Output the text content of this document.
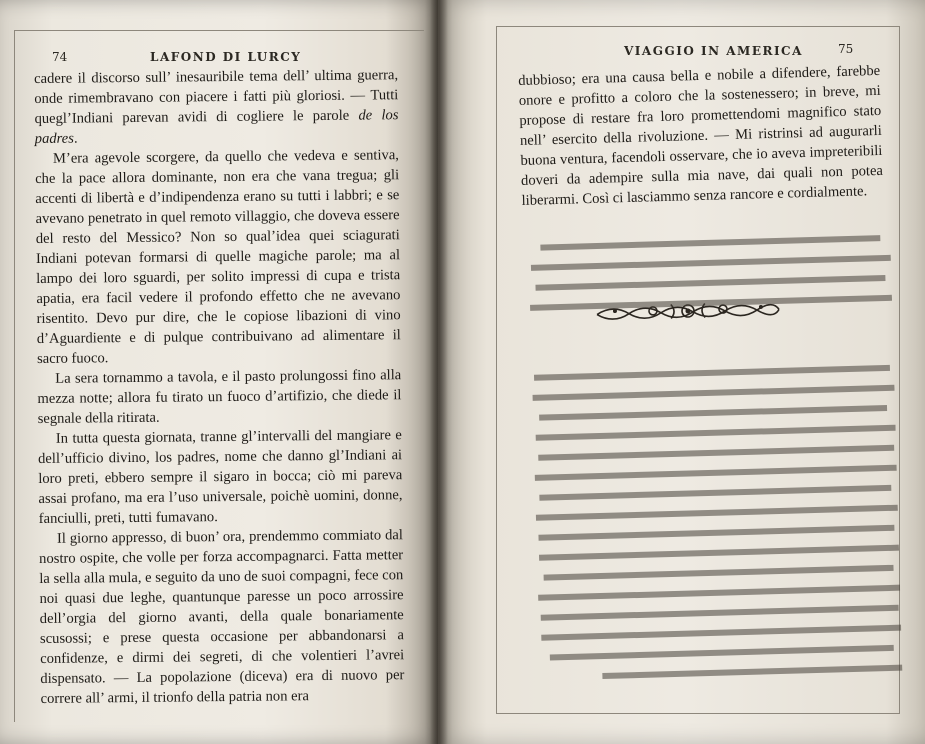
74	LAFOND DI LURCY

cadere il discorso sull’ inesauribile tema dell’ ultima guerra, onde rimembravano con piacere i fatti più gloriosi. — Tutti quegl’Indiani parevan avidi di cogliere le parole de los padres.

M’era agevole scorgere, da quello che vedeva e sentiva, che la pace allora dominante, non era che vana tregua; gli accenti di libertà e d’indipendenza erano su tutti i labbri; e se avevano penetrato in quel remoto villaggio, che doveva essere del resto del Messico? Non so qual’idea quei sciagurati Indiani potevan formarsi di quelle magiche parole; ma al lampo dei loro sguardi, per solito impressi di cupa e trista apatia, era facil vedere il profondo effetto che ne avevano risentito. Devo pur dire, che le copiose libazioni di vino d’Aguardiente e di pulque contribuivano ad alimentare il sacro fuoco.

La sera tornammo a tavola, e il pasto prolungossi fino alla mezza notte; allora fu tirato un fuoco d’artifizio, che diede il segnale della ritirata.

In tutta questa giornata, tranne gl’intervalli del mangiare e dell’ufficio divino, los padres, nome che danno gl’Indiani ai loro preti, ebbero sempre il sigaro in bocca; ciò mi pareva assai profano, ma era l’uso universale, poichè uomini, donne, fanciulli, preti, tutti fumavano.

Il giorno appresso, di buon’ ora, prendemmo commiato dal nostro ospite, che volle per forza accompagnarci. Fatta metter la sella alla mula, e seguito da uno de suoi compagni, fece con noi quasi due leghe, quantunque paresse un poco arrossire dell’orgia del giorno avanti, della quale bonariamente scusossi; e prese questa occasione per abbandonarsi a confidenze, e dirmi dei segreti, di che volentieri l’avrei dispensato. — La popolazione (diceva) era di nuovo per correre all’ armi, il trionfo della patria non era

VIAGGIO IN AMERICA	75

dubbioso; era una causa bella e nobile a difendere, farebbe onore e profitto a coloro che la sostenessero; in breve, mi propose di restare fra loro promettendomi magnifico stato nell’ esercito della rivoluzione. — Mi ristrinsi ad augurarli buona ventura, facendoli osservare, che io aveva impreteribili doveri da adempire sulla mia nave, dai quali non potea liberarmi. Così ci lasciammo senza rancore e cordialmente.
